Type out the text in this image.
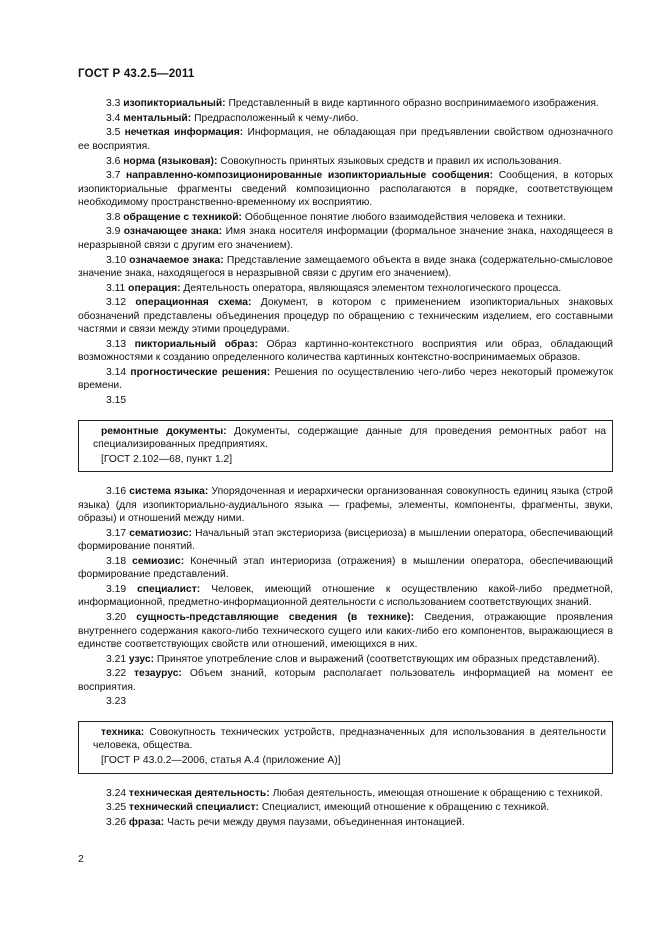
ГОСТ Р 43.2.5—2011

3.3 изопикториальный: Представленный в виде картинного образно воспринимаемого изображения.

3.4 ментальный: Предрасположенный к чему-либо.

3.5 нечеткая информация: Информация, не обладающая при предъявлении свойством однозначного ее восприятия.

3.6 норма (языковая): Совокупность принятых языковых средств и правил их использования.

3.7 направленно-композиционированные изопикториальные сообщения: Сообщения, в которых изопикториальные фрагменты сведений композиционно располагаются в порядке, соответствующем необходимому пространственно-временному их восприятию.

3.8 обращение с техникой: Обобщенное понятие любого взаимодействия человека и техники.

3.9 означающее знака: Имя знака носителя информации (формальное значение знака, находящееся в неразрывной связи с другим его значением).

3.10 означаемое знака: Представление замещаемого объекта в виде знака (содержательно-смысловое значение знака, находящегося в неразрывной связи с другим его значением).

3.11 операция: Деятельность оператора, являющаяся элементом технологического процесса.

3.12 операционная схема: Документ, в котором с применением изопикториальных знаковых обозначений представлены объединения процедур по обращению с техническим изделием, его составными частями и связи между этими процедурами.

3.13 пикториальный образ: Образ картинно-контекстного восприятия или образ, обладающий возможностями к созданию определенного количества картинных контекстно-воспринимаемых образов.

3.14 прогностические решения: Решения по осуществлению чего-либо через некоторый промежуток времени.

3.15

ремонтные документы: Документы, содержащие данные для проведения ремонтных работ на специализированных предприятиях.

[ГОСТ 2.102—68, пункт 1.2]

3.16 система языка: Упорядоченная и иерархически организованная совокупность единиц языка (строй языка) (для изопикториально-аудиального языка — графемы, элементы, компоненты, фрагменты, звуки, образы) и отношений между ними.

3.17 сематиозис: Начальный этап экстериориза (висцериоза) в мышлении оператора, обеспечивающий формирование понятий.

3.18 семиозис: Конечный этап интериориза (отражения) в мышлении оператора, обеспечивающий формирование представлений.

3.19 специалист: Человек, имеющий отношение к осуществлению какой-либо предметной, информационной, предметно-информационной деятельности с использованием соответствующих знаний.

3.20 сущность-представляющие сведения (в технике): Сведения, отражающие проявления внутреннего содержания какого-либо технического сущего или каких-либо его компонентов, выражающиеся в единстве соответствующих свойств или отношений, имеющихся в них.

3.21 узус: Принятое употребление слов и выражений (соответствующих им образных представлений).

3.22 тезаурус: Объем знаний, которым располагает пользователь информацией на момент ее восприятия.

3.23

техника: Совокупность технических устройств, предназначенных для использования в деятельности человека, общества.

[ГОСТ Р 43.0.2—2006, статья А.4 (приложение А)]

3.24 техническая деятельность: Любая деятельность, имеющая отношение к обращению с техникой.

3.25 технический специалист: Специалист, имеющий отношение к обращению с техникой.

3.26 фраза: Часть речи между двумя паузами, объединенная интонацией.

2
